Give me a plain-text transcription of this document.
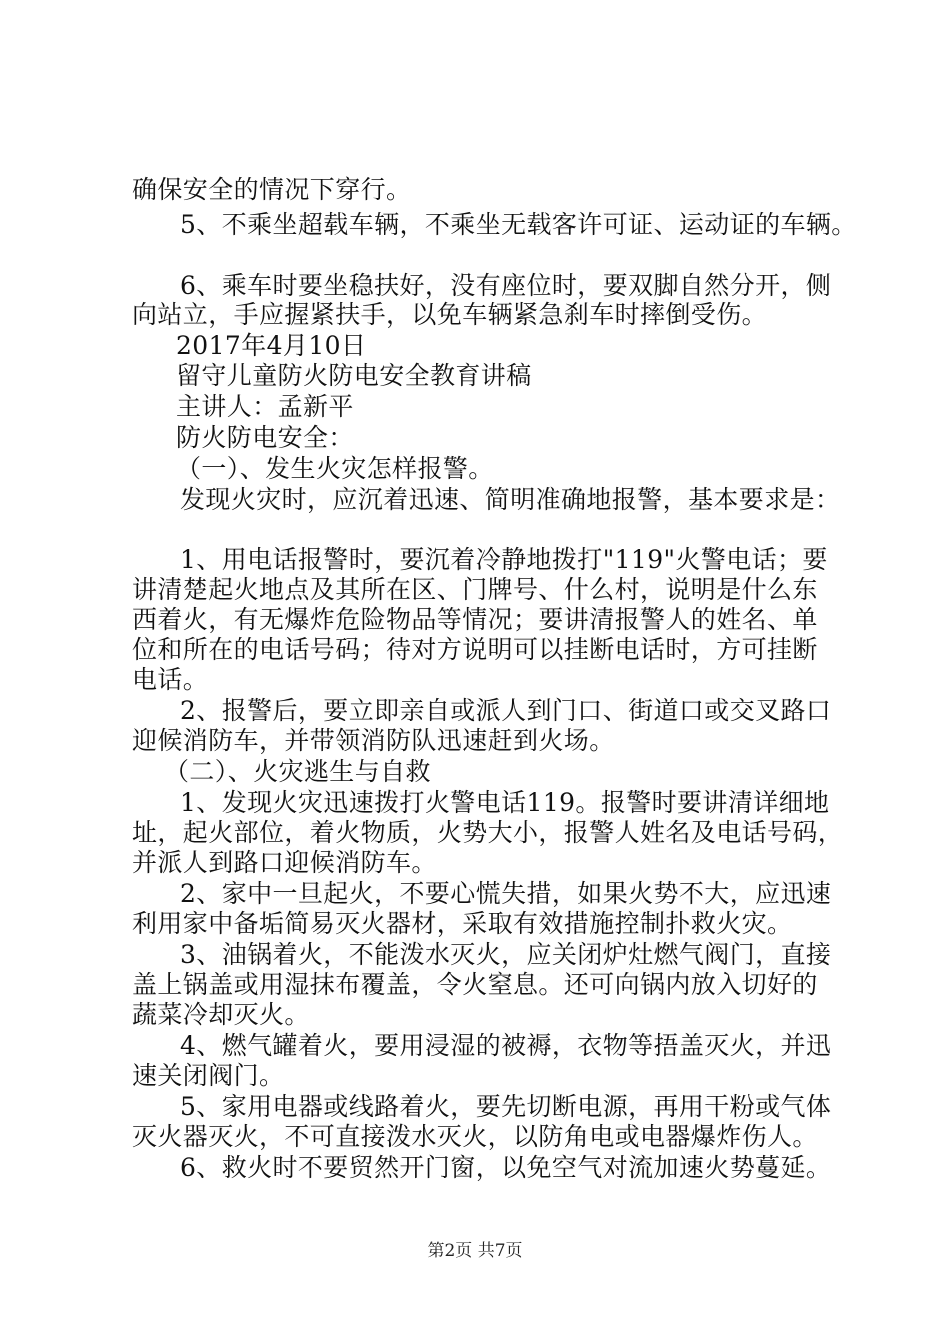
确保安全的情况下穿行。
5、不乘坐超载车辆，不乘坐无载客许可证、运动证的车辆。
6、乘车时要坐稳扶好，没有座位时，要双脚自然分开，侧
向站立，手应握紧扶手，以免车辆紧急刹车时摔倒受伤。
2017年4月10日
留守儿童防火防电安全教育讲稿
主讲人：孟新平
防火防电安全：
（一）、发生火灾怎样报警。
发现火灾时，应沉着迅速、简明准确地报警，基本要求是：
1、用电话报警时，要沉着冷静地拨打"119"火警电话；要
讲清楚起火地点及其所在区、门牌号、什么村，说明是什么东
西着火，有无爆炸危险物品等情况；要讲清报警人的姓名、单
位和所在的电话号码；待对方说明可以挂断电话时，方可挂断
电话。
2、报警后，要立即亲自或派人到门口、街道口或交叉路口
迎候消防车，并带领消防队迅速赶到火场。
（二）、火灾逃生与自救
1、发现火灾迅速拨打火警电话119。报警时要讲清详细地
址，起火部位，着火物质，火势大小，报警人姓名及电话号码，
并派人到路口迎候消防车。
2、家中一旦起火，不要心慌失措，如果火势不大，应迅速
利用家中备垢简易灭火器材，采取有效措施控制扑救火灾。
3、油锅着火，不能泼水灭火，应关闭炉灶燃气阀门，直接
盖上锅盖或用湿抹布覆盖，令火窒息。还可向锅内放入切好的
蔬菜冷却灭火。
4、燃气罐着火，要用浸湿的被褥，衣物等捂盖灭火，并迅
速关闭阀门。
5、家用电器或线路着火，要先切断电源，再用干粉或气体
灭火器灭火，不可直接泼水灭火，以防角电或电器爆炸伤人。
6、救火时不要贸然开门窗，以免空气对流加速火势蔓延。
第2页 共7页
